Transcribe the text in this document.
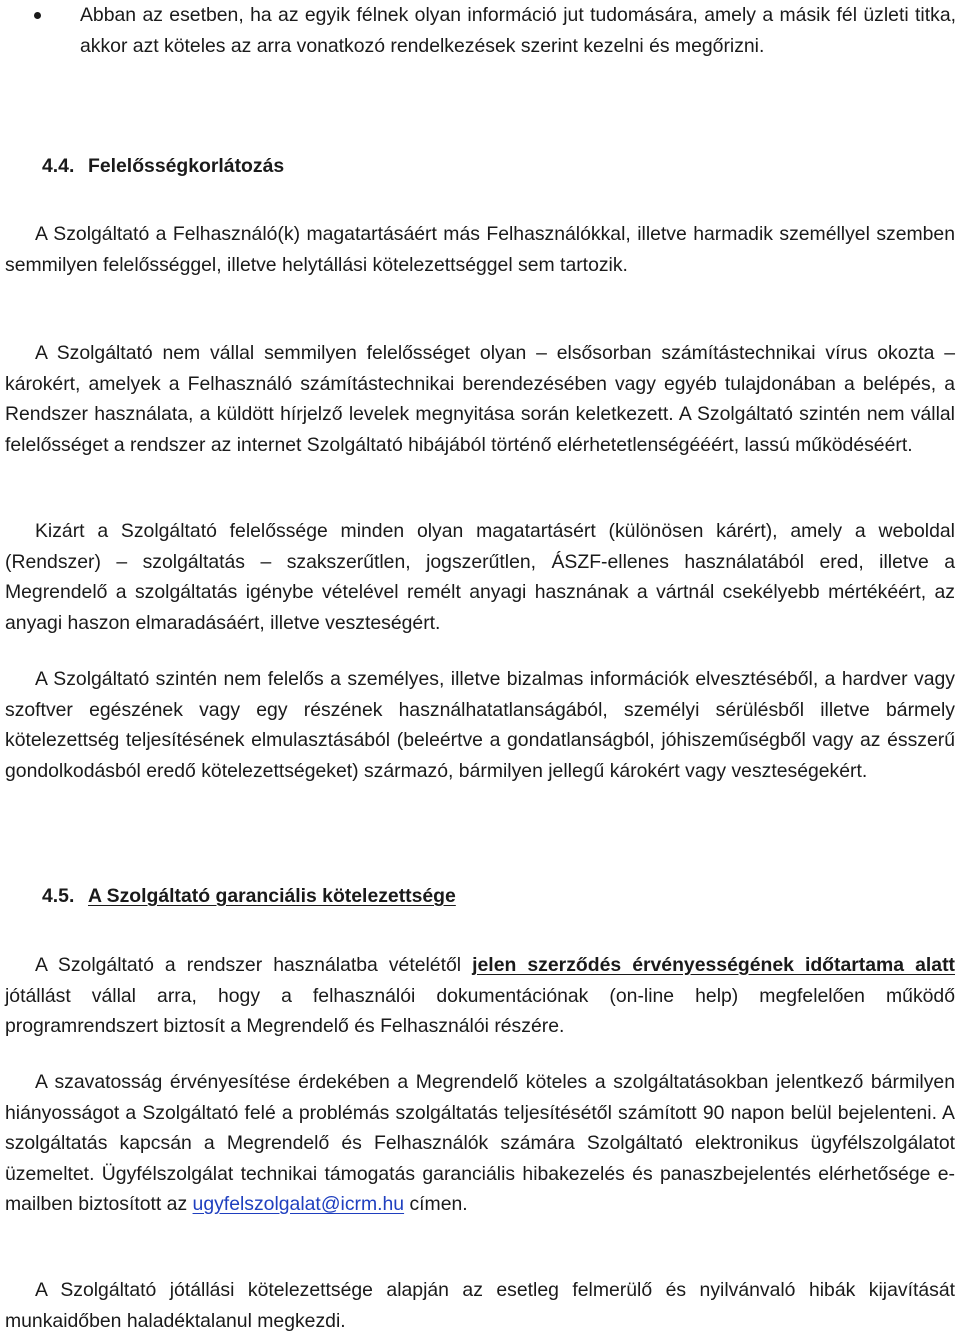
Abban az esetben, ha az egyik félnek olyan információ jut tudomására, amely a másik fél üzleti titka, akkor azt köteles az arra vonatkozó rendelkezések szerint kezelni és megőrizni.
4.4. Felelősségkorlátozás
A Szolgáltató a Felhasználó(k) magatartásáért más Felhasználókkal, illetve harmadik személlyel szemben semmilyen felelősséggel, illetve helytállási kötelezettséggel sem tartozik.
A Szolgáltató nem vállal semmilyen felelősséget olyan – elsősorban számítástechnikai vírus okozta – károkért, amelyek a Felhasználó számítástechnikai berendezésében vagy egyéb tulajdonában a belépés, a Rendszer használata, a küldött hírjelző levelek megnyitása során keletkezett. A Szolgáltató szintén nem vállal felelősséget a rendszer az internet Szolgáltató hibájából történő elérhetetlenségééért, lassú működéséért.
Kizárt a Szolgáltató felelőssége minden olyan magatartásért (különösen kárért), amely a weboldal (Rendszer) – szolgáltatás – szakszerűtlen, jogszerűtlen, ÁSZF-ellenes használatából ered, illetve a Megrendelő a szolgáltatás igénybe vételével remélt anyagi hasznának a vártnál csekélyebb mértékéért, az anyagi haszon elmaradásáért, illetve veszteségért.
A Szolgáltató szintén nem felelős a személyes, illetve bizalmas információk elvesztéséből, a hardver vagy szoftver egészének vagy egy részének használhatatlanságából, személyi sérülésből illetve bármely kötelezettség teljesítésének elmulasztásából (beleértve a gondatlanságból, jóhiszeműségből vagy az ésszerű gondolkodásból eredő kötelezettségeket) származó, bármilyen jellegű károkért vagy veszteségekért.
4.5. A Szolgáltató garanciális kötelezettsége
A Szolgáltató a rendszer használatba vételétől jelen szerződés érvényességének időtartama alatt jótállást vállal arra, hogy a felhasználói dokumentációnak (on-line help) megfelelően működő programrendszert biztosít a Megrendelő és Felhasználói részére.
A szavatosság érvényesítése érdekében a Megrendelő köteles a szolgáltatásokban jelentkező bármilyen hiányosságot a Szolgáltató felé a problémás szolgáltatás teljesítésétől számított 90 napon belül bejelenteni. A szolgáltatás kapcsán a Megrendelő és Felhasználók számára Szolgáltató elektronikus ügyfélszolgálatot üzemeltet. Ügyfélszolgálat technikai támogatás garanciális hibakezelés és panaszbejelentés elérhetősége e-mailben biztosított az ugyfelszolgalat@icrm.hu címen.
A Szolgáltató jótállási kötelezettsége alapján az esetleg felmerülő és nyilvánvaló hibák kijavítását munkaidőben haladéktalanul megkezdi.
